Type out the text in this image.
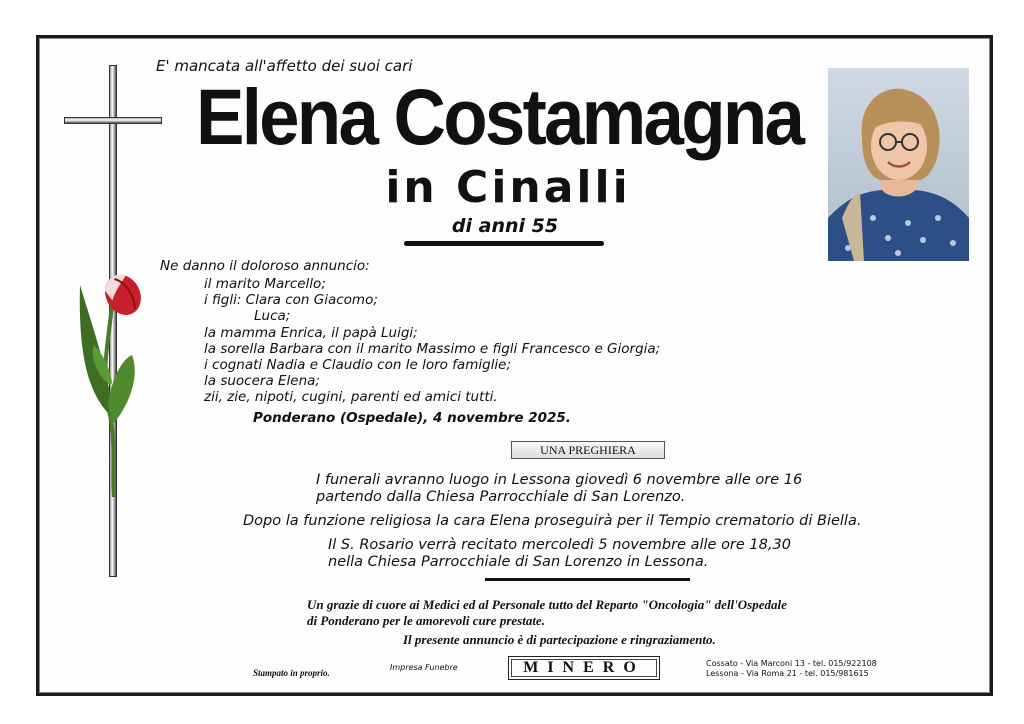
E' mancata all'affetto dei suoi cari
Elena Costamagna
in Cinalli
di anni 55
Ne danno il doloroso annuncio:
il marito Marcello;
i figli: Clara con Giacomo;
Luca;
la mamma Enrica, il papà Luigi;
la sorella Barbara con il marito Massimo e figli Francesco e Giorgia;
i cognati Nadia e Claudio con le loro famiglie;
la suocera Elena;
zii, zie, nipoti, cugini, parenti ed amici tutti.
Ponderano (Ospedale), 4 novembre 2025.
UNA PREGHIERA
I funerali avranno luogo in Lessona giovedì 6 novembre alle ore 16
partendo dalla Chiesa Parrocchiale di San Lorenzo.
Dopo la funzione religiosa la cara Elena proseguirà per il Tempio crematorio di Biella.
Il S. Rosario verrà recitato mercoledì 5 novembre alle ore 18,30
nella Chiesa Parrocchiale di San Lorenzo in Lessona.
Un grazie di cuore ai Medici ed al Personale tutto del Reparto "Oncologia" dell'Ospedale
di Ponderano per le amorevoli cure prestate.
Il presente annuncio è di partecipazione e ringraziamento.
Stampato in proprio.
Impresa Funebre	MINERO	Cossato - Via Marconi 13 - tel. 015/922108
Lessona - Via Roma 21 - tel. 015/981615
